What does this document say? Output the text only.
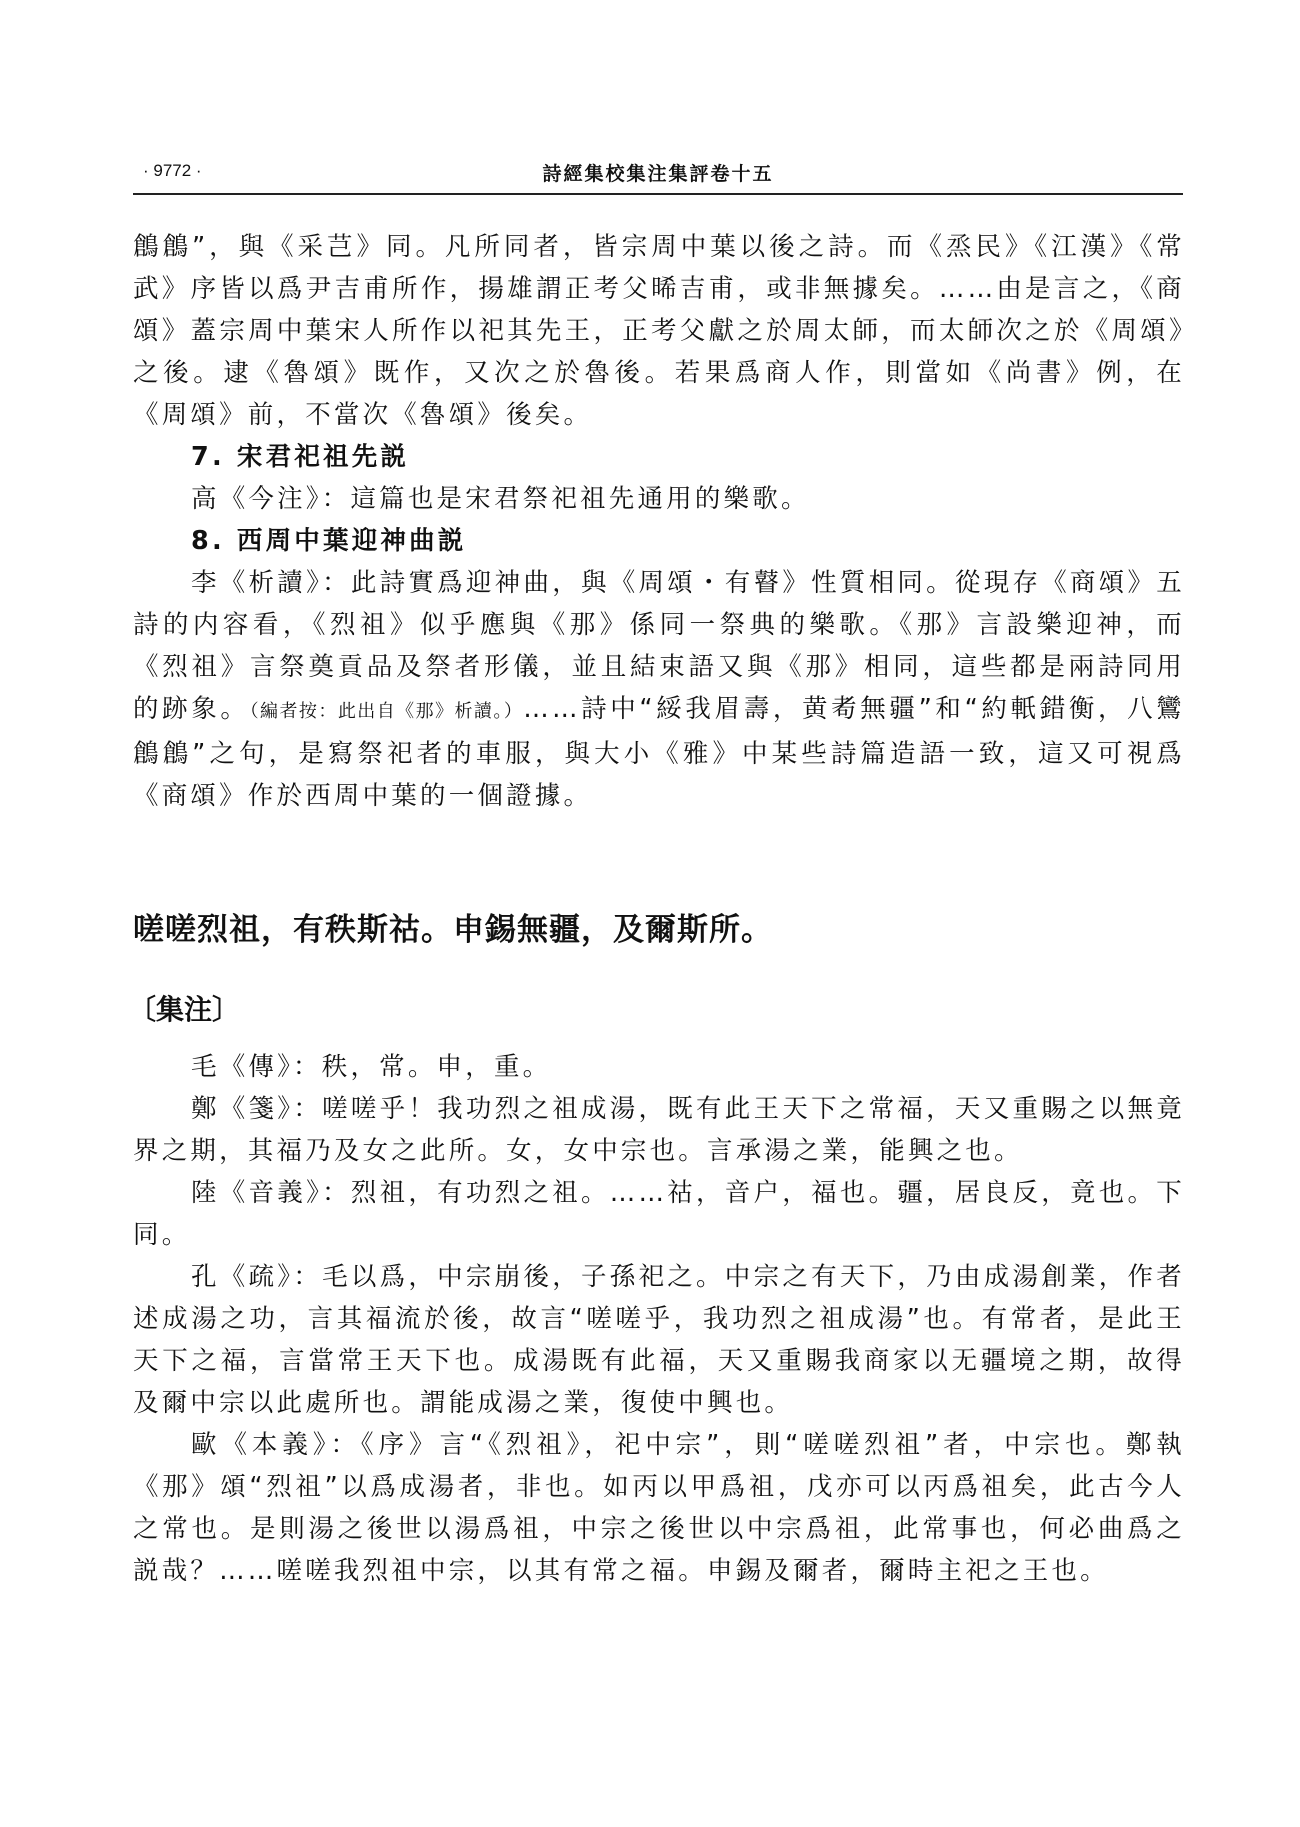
· 9772 ·	詩經集校集注集評卷十五

鶬鶬”，與《采芑》同。凡所同者，皆宗周中葉以後之詩。而《烝民》《江漢》《常武》序皆以爲尹吉甫所作，揚雄謂正考父晞吉甫，或非無據矣。……由是言之，《商頌》蓋宗周中葉宋人所作以祀其先王，正考父獻之於周太師，而太師次之於《周頌》之後。逮《魯頌》既作，又次之於魯後。若果爲商人作，則當如《尚書》例，在《周頌》前，不當次《魯頌》後矣。

7. 宋君祀祖先説

高《今注》：這篇也是宋君祭祀祖先通用的樂歌。

8. 西周中葉迎神曲説

李《析讀》：此詩實爲迎神曲，與《周頌・有瞽》性質相同。從現存《商頌》五詩的内容看，《烈祖》似乎應與《那》係同一祭典的樂歌。《那》言設樂迎神，而《烈祖》言祭奠貢品及祭者形儀，並且結束語又與《那》相同，這些都是兩詩同用的跡象。（編者按：此出自《那》析讀。）……詩中“綏我眉壽，黄耇無疆”和“約軝錯衡，八鸞鶬鶬”之句，是寫祭祀者的車服，與大小《雅》中某些詩篇造語一致，這又可視爲《商頌》作於西周中葉的一個證據。

嗟嗟烈祖，有秩斯祜。申錫無疆，及爾斯所。
〔集注〕

毛《傳》：秩，常。申，重。

鄭《箋》：嗟嗟乎！我功烈之祖成湯，既有此王天下之常福，天又重賜之以無竟界之期，其福乃及女之此所。女，女中宗也。言承湯之業，能興之也。

陸《音義》：烈祖，有功烈之祖。……祜，音户，福也。疆，居良反，竟也。下同。

孔《疏》：毛以爲，中宗崩後，子孫祀之。中宗之有天下，乃由成湯創業，作者述成湯之功，言其福流於後，故言“嗟嗟乎，我功烈之祖成湯”也。有常者，是此王天下之福，言當常王天下也。成湯既有此福，天又重賜我商家以无疆境之期，故得及爾中宗以此處所也。謂能成湯之業，復使中興也。

歐《本義》：《序》言“《烈祖》，祀中宗”，則“嗟嗟烈祖”者，中宗也。鄭執《那》頌“烈祖”以爲成湯者，非也。如丙以甲爲祖，戊亦可以丙爲祖矣，此古今人之常也。是則湯之後世以湯爲祖，中宗之後世以中宗爲祖，此常事也，何必曲爲之説哉？……嗟嗟我烈祖中宗，以其有常之福。申錫及爾者，爾時主祀之王也。
